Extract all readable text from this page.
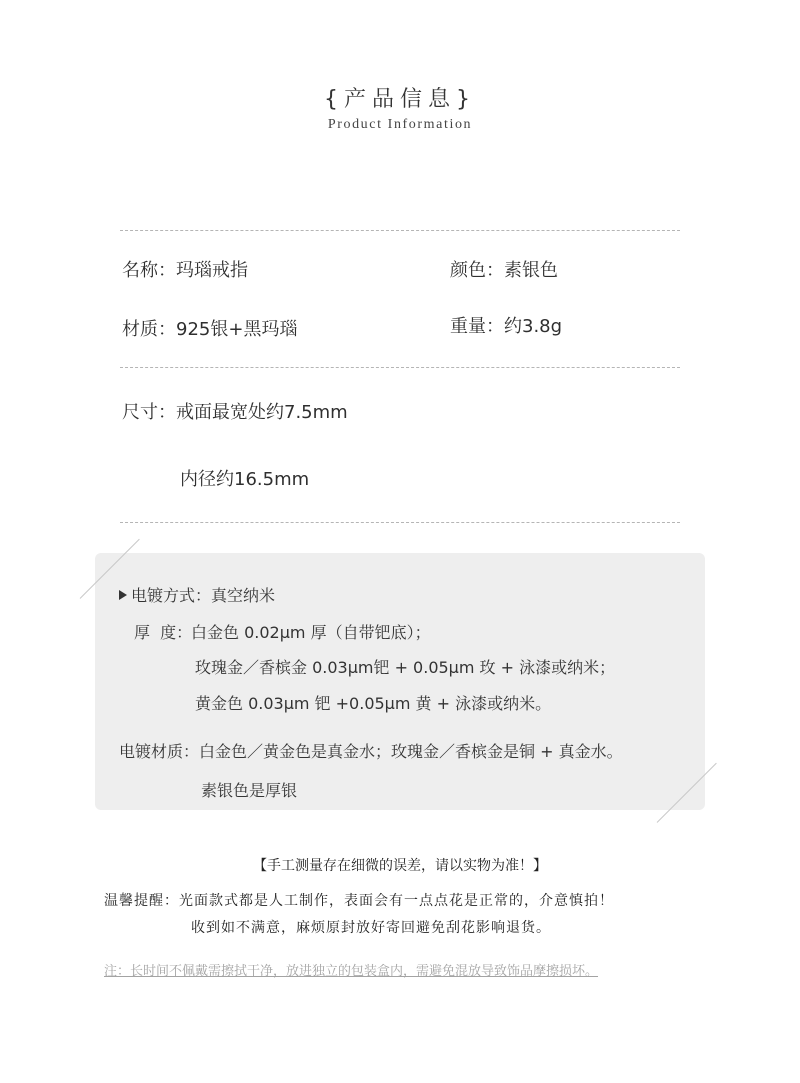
{产品信息}
Product Information
名称：玛瑙戒指	颜色：素银色
材质：925银+黑玛瑙	重量：约3.8g
尺寸：戒面最宽处约7.5mm
内径约16.5mm
电镀方式：真空纳米
厚  度：
白金色 0.02μm 厚（自带钯底）；
玫瑰金／香槟金 0.03μm钯 + 0.05μm 玫 + 泳漆或纳米；
黄金色 0.03μm 钯 +0.05μm 黄 + 泳漆或纳米。
电镀材质：白金色／黄金色是真金水；玫瑰金／香槟金是铜 + 真金水。
素银色是厚银
【手工测量存在细微的误差，请以实物为准！】
温馨提醒：光面款式都是人工制作，表面会有一点点花是正常的，介意慎拍！
收到如不满意，麻烦原封放好寄回避免刮花影响退货。
注：长时间不佩戴需擦拭干净，放进独立的包装盒内，需避免混放导致饰品摩擦损坏。
